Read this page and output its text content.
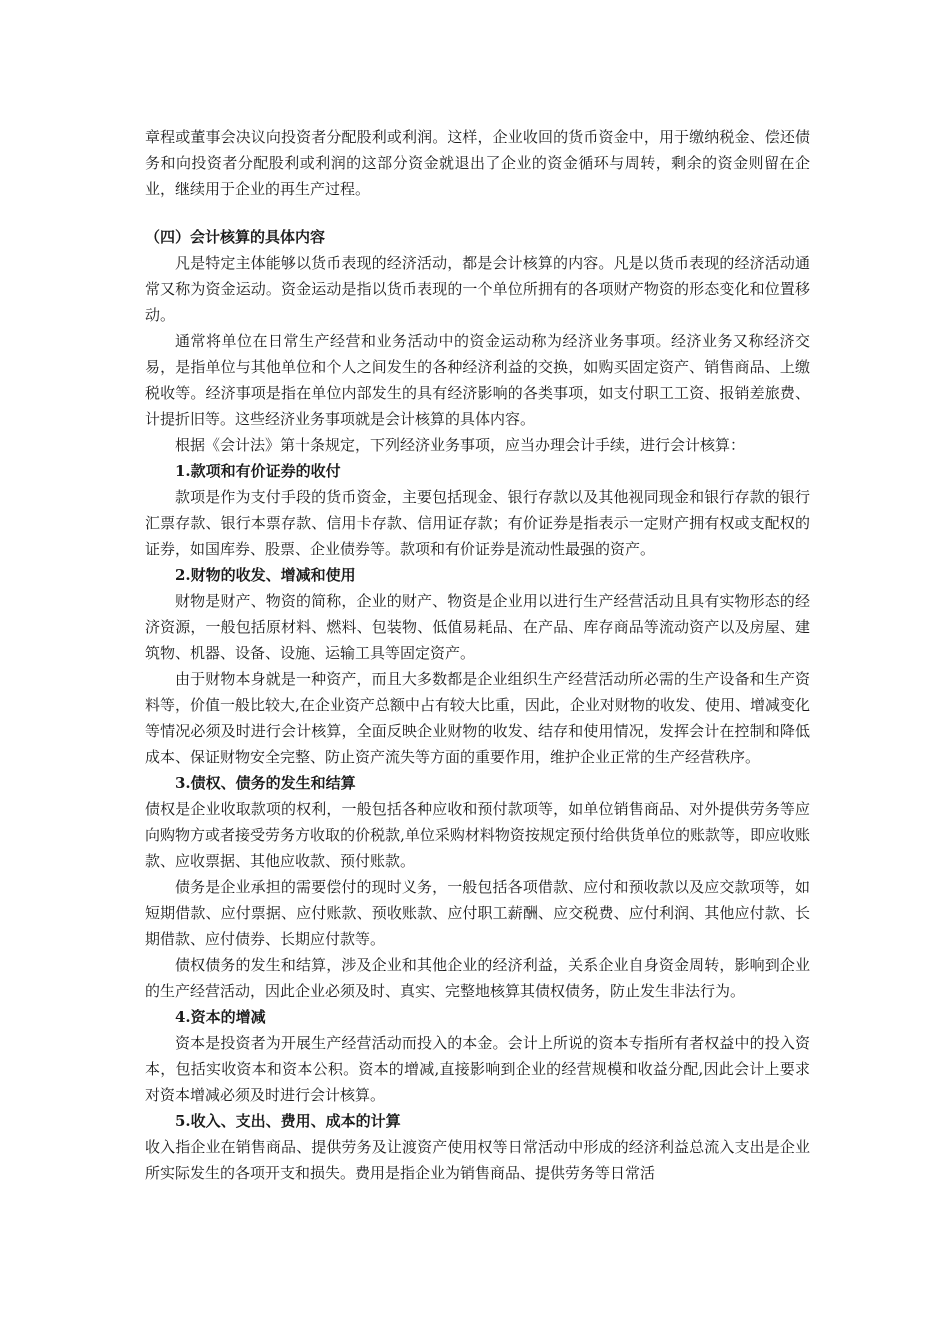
章程或董事会决议向投资者分配股利或利润。这样，企业收回的货币资金中，用于缴纳税金、偿还债务和向投资者分配股利或利润的这部分资金就退出了企业的资金循环与周转，剩余的资金则留在企业，继续用于企业的再生产过程。

（四）会计核算的具体内容

凡是特定主体能够以货币表现的经济活动，都是会计核算的内容。凡是以货币表现的经济活动通常又称为资金运动。资金运动是指以货币表现的一个单位所拥有的各项财产物资的形态变化和位置移动。

通常将单位在日常生产经营和业务活动中的资金运动称为经济业务事项。经济业务又称经济交易，是指单位与其他单位和个人之间发生的各种经济利益的交换，如购买固定资产、销售商品、上缴税收等。经济事项是指在单位内部发生的具有经济影响的各类事项，如支付职工工资、报销差旅费、计提折旧等。这些经济业务事项就是会计核算的具体内容。

根据《会计法》第十条规定，下列经济业务事项，应当办理会计手续，进行会计核算：

1.款项和有价证券的收付

款项是作为支付手段的货币资金，主要包括现金、银行存款以及其他视同现金和银行存款的银行汇票存款、银行本票存款、信用卡存款、信用证存款；有价证券是指表示一定财产拥有权或支配权的证券，如国库券、股票、企业债券等。款项和有价证券是流动性最强的资产。

2.财物的收发、增减和使用

财物是财产、物资的简称，企业的财产、物资是企业用以进行生产经营活动且具有实物形态的经济资源，一般包括原材料、燃料、包装物、低值易耗品、在产品、库存商品等流动资产以及房屋、建筑物、机器、设备、设施、运输工具等固定资产。

由于财物本身就是一种资产，而且大多数都是企业组织生产经营活动所必需的生产设备和生产资料等，价值一般比较大,在企业资产总额中占有较大比重，因此，企业对财物的收发、使用、增减变化等情况必须及时进行会计核算，全面反映企业财物的收发、结存和使用情况，发挥会计在控制和降低成本、保证财物安全完整、防止资产流失等方面的重要作用，维护企业正常的生产经营秩序。

3.债权、债务的发生和结算

债权是企业收取款项的权利，一般包括各种应收和预付款项等，如单位销售商品、对外提供劳务等应向购物方或者接受劳务方收取的价税款,单位采购材料物资按规定预付给供货单位的账款等，即应收账款、应收票据、其他应收款、预付账款。

债务是企业承担的需要偿付的现时义务，一般包括各项借款、应付和预收款以及应交款项等，如短期借款、应付票据、应付账款、预收账款、应付职工薪酬、应交税费、应付利润、其他应付款、长期借款、应付债券、长期应付款等。

债权债务的发生和结算，涉及企业和其他企业的经济利益，关系企业自身资金周转，影响到企业的生产经营活动，因此企业必须及时、真实、完整地核算其债权债务，防止发生非法行为。

4.资本的增减

资本是投资者为开展生产经营活动而投入的本金。会计上所说的资本专指所有者权益中的投入资本，包括实收资本和资本公积。资本的增减,直接影响到企业的经营规模和收益分配,因此会计上要求对资本增减必须及时进行会计核算。

5.收入、支出、费用、成本的计算

收入指企业在销售商品、提供劳务及让渡资产使用权等日常活动中形成的经济利益总流入支出是企业所实际发生的各项开支和损失。费用是指企业为销售商品、提供劳务等日常活
